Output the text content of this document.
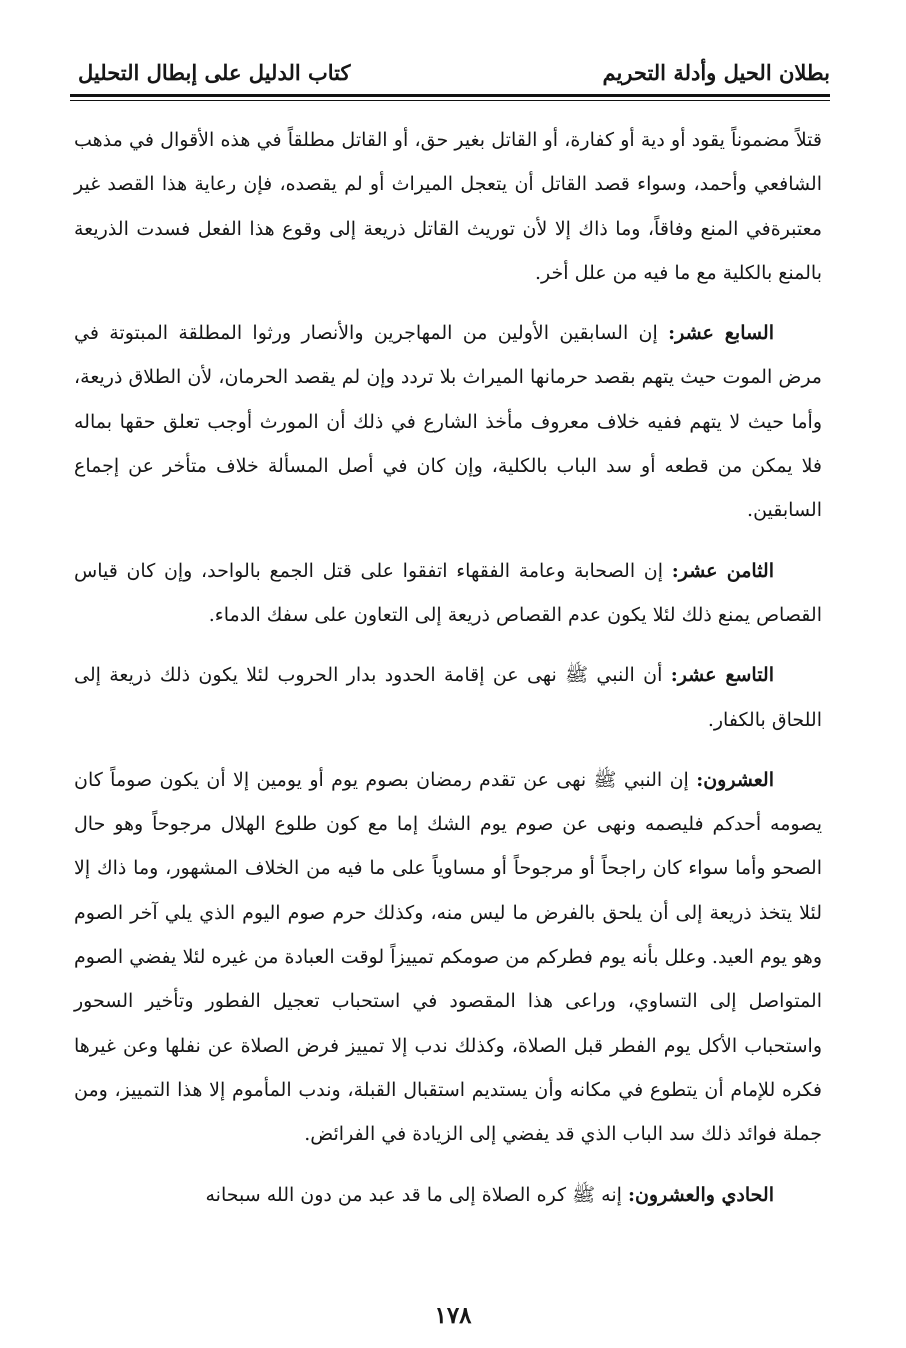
بطلان الحيل وأدلة التحريم
كتاب الدليل على إبطال التحليل

قتلاً مضموناً يقود أو دية أو كفارة، أو القاتل بغير حق، أو القاتل مطلقاً في هذه الأقوال في مذهب الشافعي وأحمد، وسواء قصد القاتل أن يتعجل الميراث أو لم يقصده، فإن رعاية هذا القصد غير معتبرةفي المنع وفاقاً، وما ذاك إلا لأن توريث القاتل ذريعة إلى وقوع هذا الفعل فسدت الذريعة بالمنع بالكلية مع ما فيه من علل أخر.

السابع عشر: إن السابقين الأولين من المهاجرين والأنصار ورثوا المطلقة المبتوتة في مرض الموت حيث يتهم بقصد حرمانها الميراث بلا تردد وإن لم يقصد الحرمان، لأن الطلاق ذريعة، وأما حيث لا يتهم ففيه خلاف معروف مأخذ الشارع في ذلك أن المورث أوجب تعلق حقها بماله فلا يمكن من قطعه أو سد الباب بالكلية، وإن كان في أصل المسألة خلاف متأخر عن إجماع السابقين.

الثامن عشر: إن الصحابة وعامة الفقهاء اتفقوا على قتل الجمع بالواحد، وإن كان قياس القصاص يمنع ذلك لئلا يكون عدم القصاص ذريعة إلى التعاون على سفك الدماء.

التاسع عشر: أن النبي ﷺ نهى عن إقامة الحدود بدار الحروب لئلا يكون ذلك ذريعة إلى اللحاق بالكفار.

العشرون: إن النبي ﷺ نهى عن تقدم رمضان بصوم يوم أو يومين إلا أن يكون صوماً كان يصومه أحدكم فليصمه ونهى عن صوم يوم الشك إما مع كون طلوع الهلال مرجوحاً وهو حال الصحو وأما سواء كان راجحاً أو مرجوحاً أو مساوياً على ما فيه من الخلاف المشهور، وما ذاك إلا لئلا يتخذ ذريعة إلى أن يلحق بالفرض ما ليس منه، وكذلك حرم صوم اليوم الذي يلي آخر الصوم وهو يوم العيد. وعلل بأنه يوم فطركم من صومكم تمييزاً لوقت العبادة من غيره لئلا يفضي الصوم المتواصل إلى التساوي، وراعى هذا المقصود في استحباب تعجيل الفطور وتأخير السحور واستحباب الأكل يوم الفطر قبل الصلاة، وكذلك ندب إلا تمييز فرض الصلاة عن نفلها وعن غيرها فكره للإمام أن يتطوع في مكانه وأن يستديم استقبال القبلة، وندب المأموم إلا هذا التمييز، ومن جملة فوائد ذلك سد الباب الذي قد يفضي إلى الزيادة في الفرائض.

الحادي والعشرون: إنه ﷺ كره الصلاة إلى ما قد عبد من دون الله سبحانه

١٧٨
